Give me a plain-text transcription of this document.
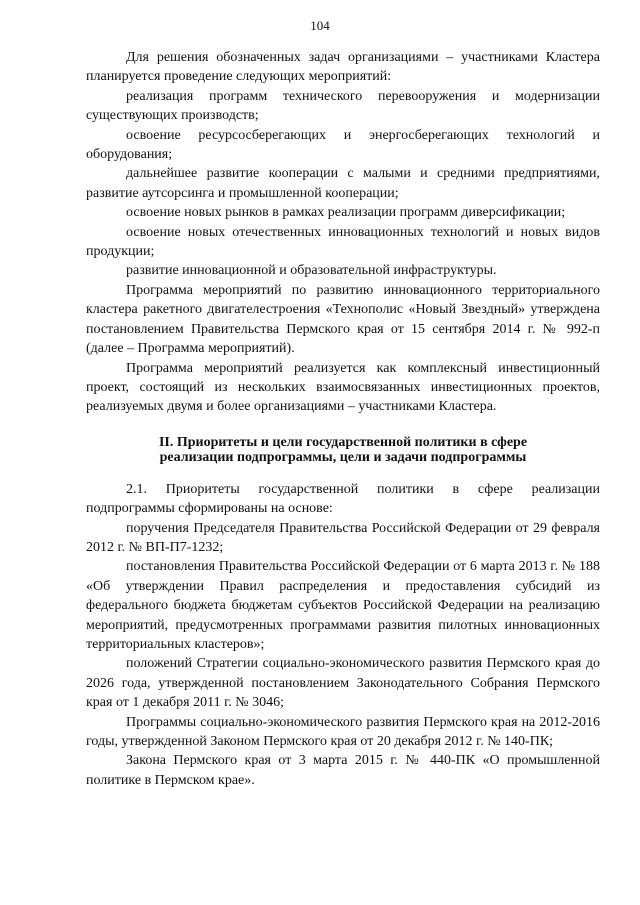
104

Для решения обозначенных задач организациями – участниками Кластера планируется проведение следующих мероприятий:

реализация программ технического перевооружения и модернизации существующих производств;

освоение ресурсосберегающих и энергосберегающих технологий и оборудования;

дальнейшее развитие кооперации с малыми и средними предприятиями, развитие аутсорсинга и промышленной кооперации;

освоение новых рынков в рамках реализации программ диверсификации;

освоение новых отечественных инновационных технологий и новых видов продукции;

развитие инновационной и образовательной инфраструктуры.

Программа мероприятий по развитию инновационного территориального кластера ракетного двигателестроения «Технополис «Новый Звездный» утверждена постановлением Правительства Пермского края от 15 сентября 2014 г. № 992-п (далее – Программа мероприятий).

Программа мероприятий реализуется как комплексный инвестиционный проект, состоящий из нескольких взаимосвязанных инвестиционных проектов, реализуемых двумя и более организациями – участниками Кластера.

II. Приоритеты и цели государственной политики в сфере
реализации подпрограммы, цели и задачи подпрограммы

2.1. Приоритеты государственной политики в сфере реализации подпрограммы сформированы на основе:

поручения Председателя Правительства Российской Федерации от 29 февраля 2012 г. № ВП-П7-1232;

постановления Правительства Российской Федерации от 6 марта 2013 г. № 188 «Об утверждении Правил распределения и предоставления субсидий из федерального бюджета бюджетам субъектов Российской Федерации на реализацию мероприятий, предусмотренных программами развития пилотных инновационных территориальных кластеров»;

положений Стратегии социально-экономического развития Пермского края до 2026 года, утвержденной постановлением Законодательного Собрания Пермского края от 1 декабря 2011 г. № 3046;

Программы социально-экономического развития Пермского края на 2012-2016 годы, утвержденной Законом Пермского края от 20 декабря 2012 г. № 140-ПК;

Закона Пермского края от 3 марта 2015 г. № 440-ПК «О промышленной политике в Пермском крае».
